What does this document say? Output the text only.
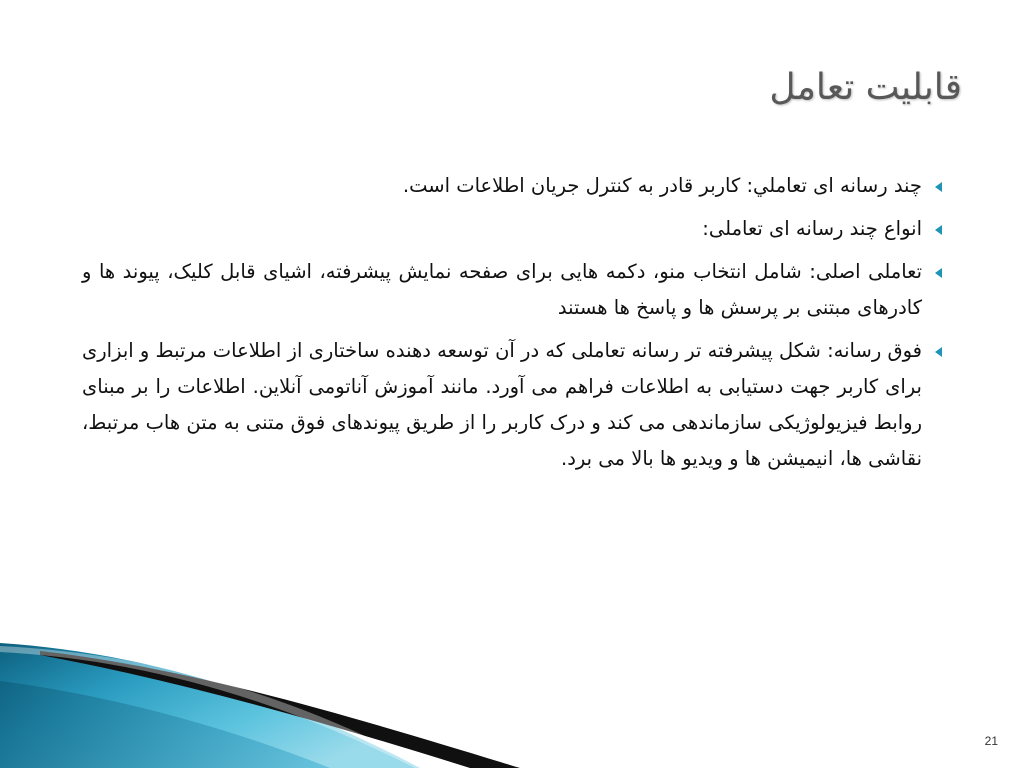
قابلیت تعامل
چند رسانه ای تعاملي: کاربر قادر به کنترل جریان اطلاعات است.
انواع چند رسانه ای تعاملی:
تعاملی اصلی: شامل انتخاب منو، دکمه هایی برای صفحه نمایش پیشرفته، اشیای قابل کلیک، پیوند ها و کادرهای مبتنی بر پرسش ها و پاسخ ها هستند
فوق رسانه: شکل پیشرفته تر رسانه تعاملی که در آن توسعه دهنده ساختاری از اطلاعات مرتبط و ابزاری برای کاربر جهت دستیابی به اطلاعات فراهم می آورد. مانند آموزش آناتومی آنلاین. اطلاعات را بر مبنای روابط فیزیولوژیکی سازماندهی می کند و درک کاربر را از طریق پیوندهای فوق متنی به متن هاب مرتبط، نقاشی ها، انیمیشن ها و ویدیو ها بالا می برد.
21
